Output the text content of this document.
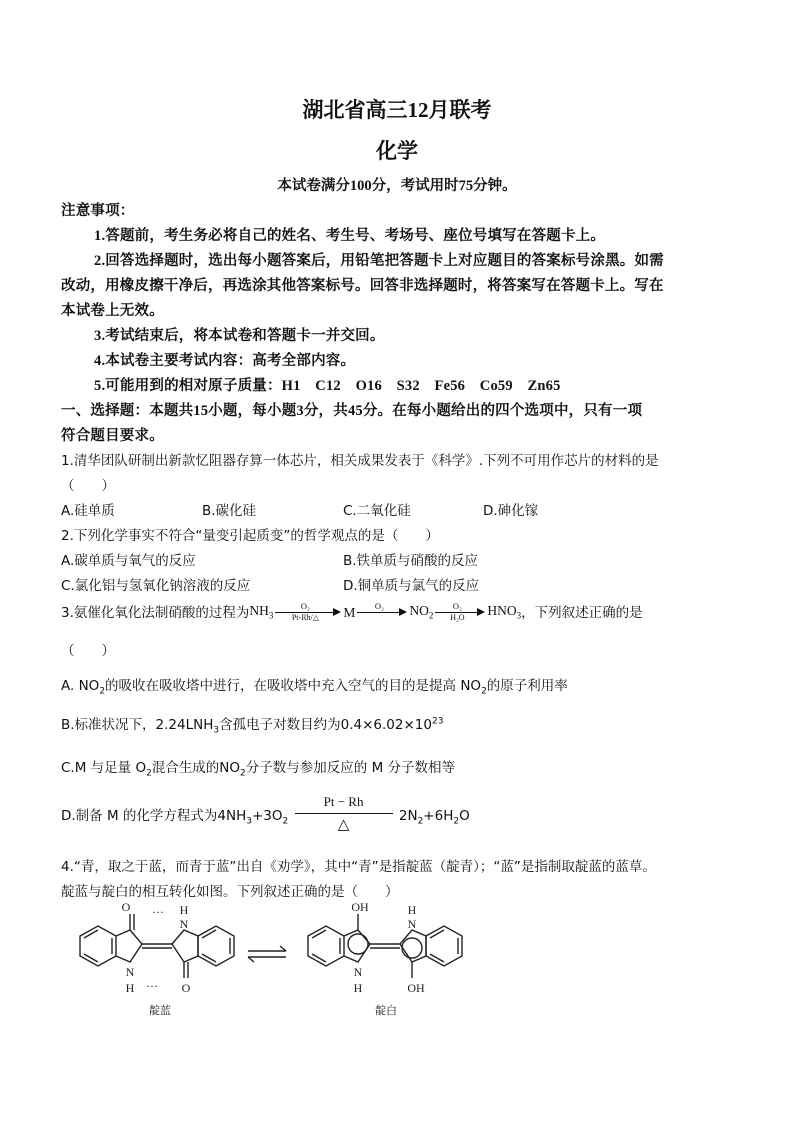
湖北省高三12月联考
化学
本试卷满分100分，考试用时75分钟。
注意事项：
1.答题前，考生务必将自己的姓名、考生号、考场号、座位号填写在答题卡上。
2.回答选择题时，选出每小题答案后，用铅笔把答题卡上对应题目的答案标号涂黑。如需
改动，用橡皮擦干净后，再选涂其他答案标号。回答非选择题时，将答案写在答题卡上。写在
本试卷上无效。
3.考试结束后，将本试卷和答题卡一并交回。
4.本试卷主要考试内容：高考全部内容。
5.可能用到的相对原子质量：H1　C12　O16　S32　Fe56　Co59　Zn65
一、选择题：本题共15小题，每小题3分，共45分。在每小题给出的四个选项中，只有一项
符合题目要求。
1.清华团队研制出新款忆阻器存算一体芯片，相关成果发表于《科学》.下列不可用作芯片的材料的是
（　　）
A.硅单质	B.碳化硅	C.二氧化硅	D.砷化镓
2.下列化学事实不符合“量变引起质变”的哲学观点的是（　　）
A.碳单质与氧气的反应	B.铁单质与硝酸的反应
C.氯化铝与氢氧化钠溶液的反应	D.铜单质与氯气的反应
3.氨催化氧化法制硝酸的过程为 $NH_3$
O₂
Pt-Rh/△	M	O₂	$NO_2$
O₂
H₂O	$HNO_3$ ，下列叙述正确的是
（　　）
A. $NO_2$的吸收在吸收塔中进行，在吸收塔中充入空气的目的是提高 $NO_2$的原子利用率
B.标准状况下，$2.24LNH_3$含孤电子对数目约为$0.4\times 6.02\times 10^{23}$
C.M 与足量 $O_2$混合生成的$NO_2$分子数与参加反应的 M 分子数相等
D.制备 M 的化学方程式为$4NH_3+3O_2 \frac{Pt - Rh}{\triangle} 2N_2+6H_2O$
4.“青，取之于蓝，而青于蓝”出自《劝学》，其中“青”是指靛蓝（靛青）；“蓝”是指制取靛蓝的蓝草。
靛蓝与靛白的相互转化如图。下列叙述正确的是（　　）
O	H
N
···
N
H ··· O
OH	H
N
N
H	OH
靛蓝	靛白
